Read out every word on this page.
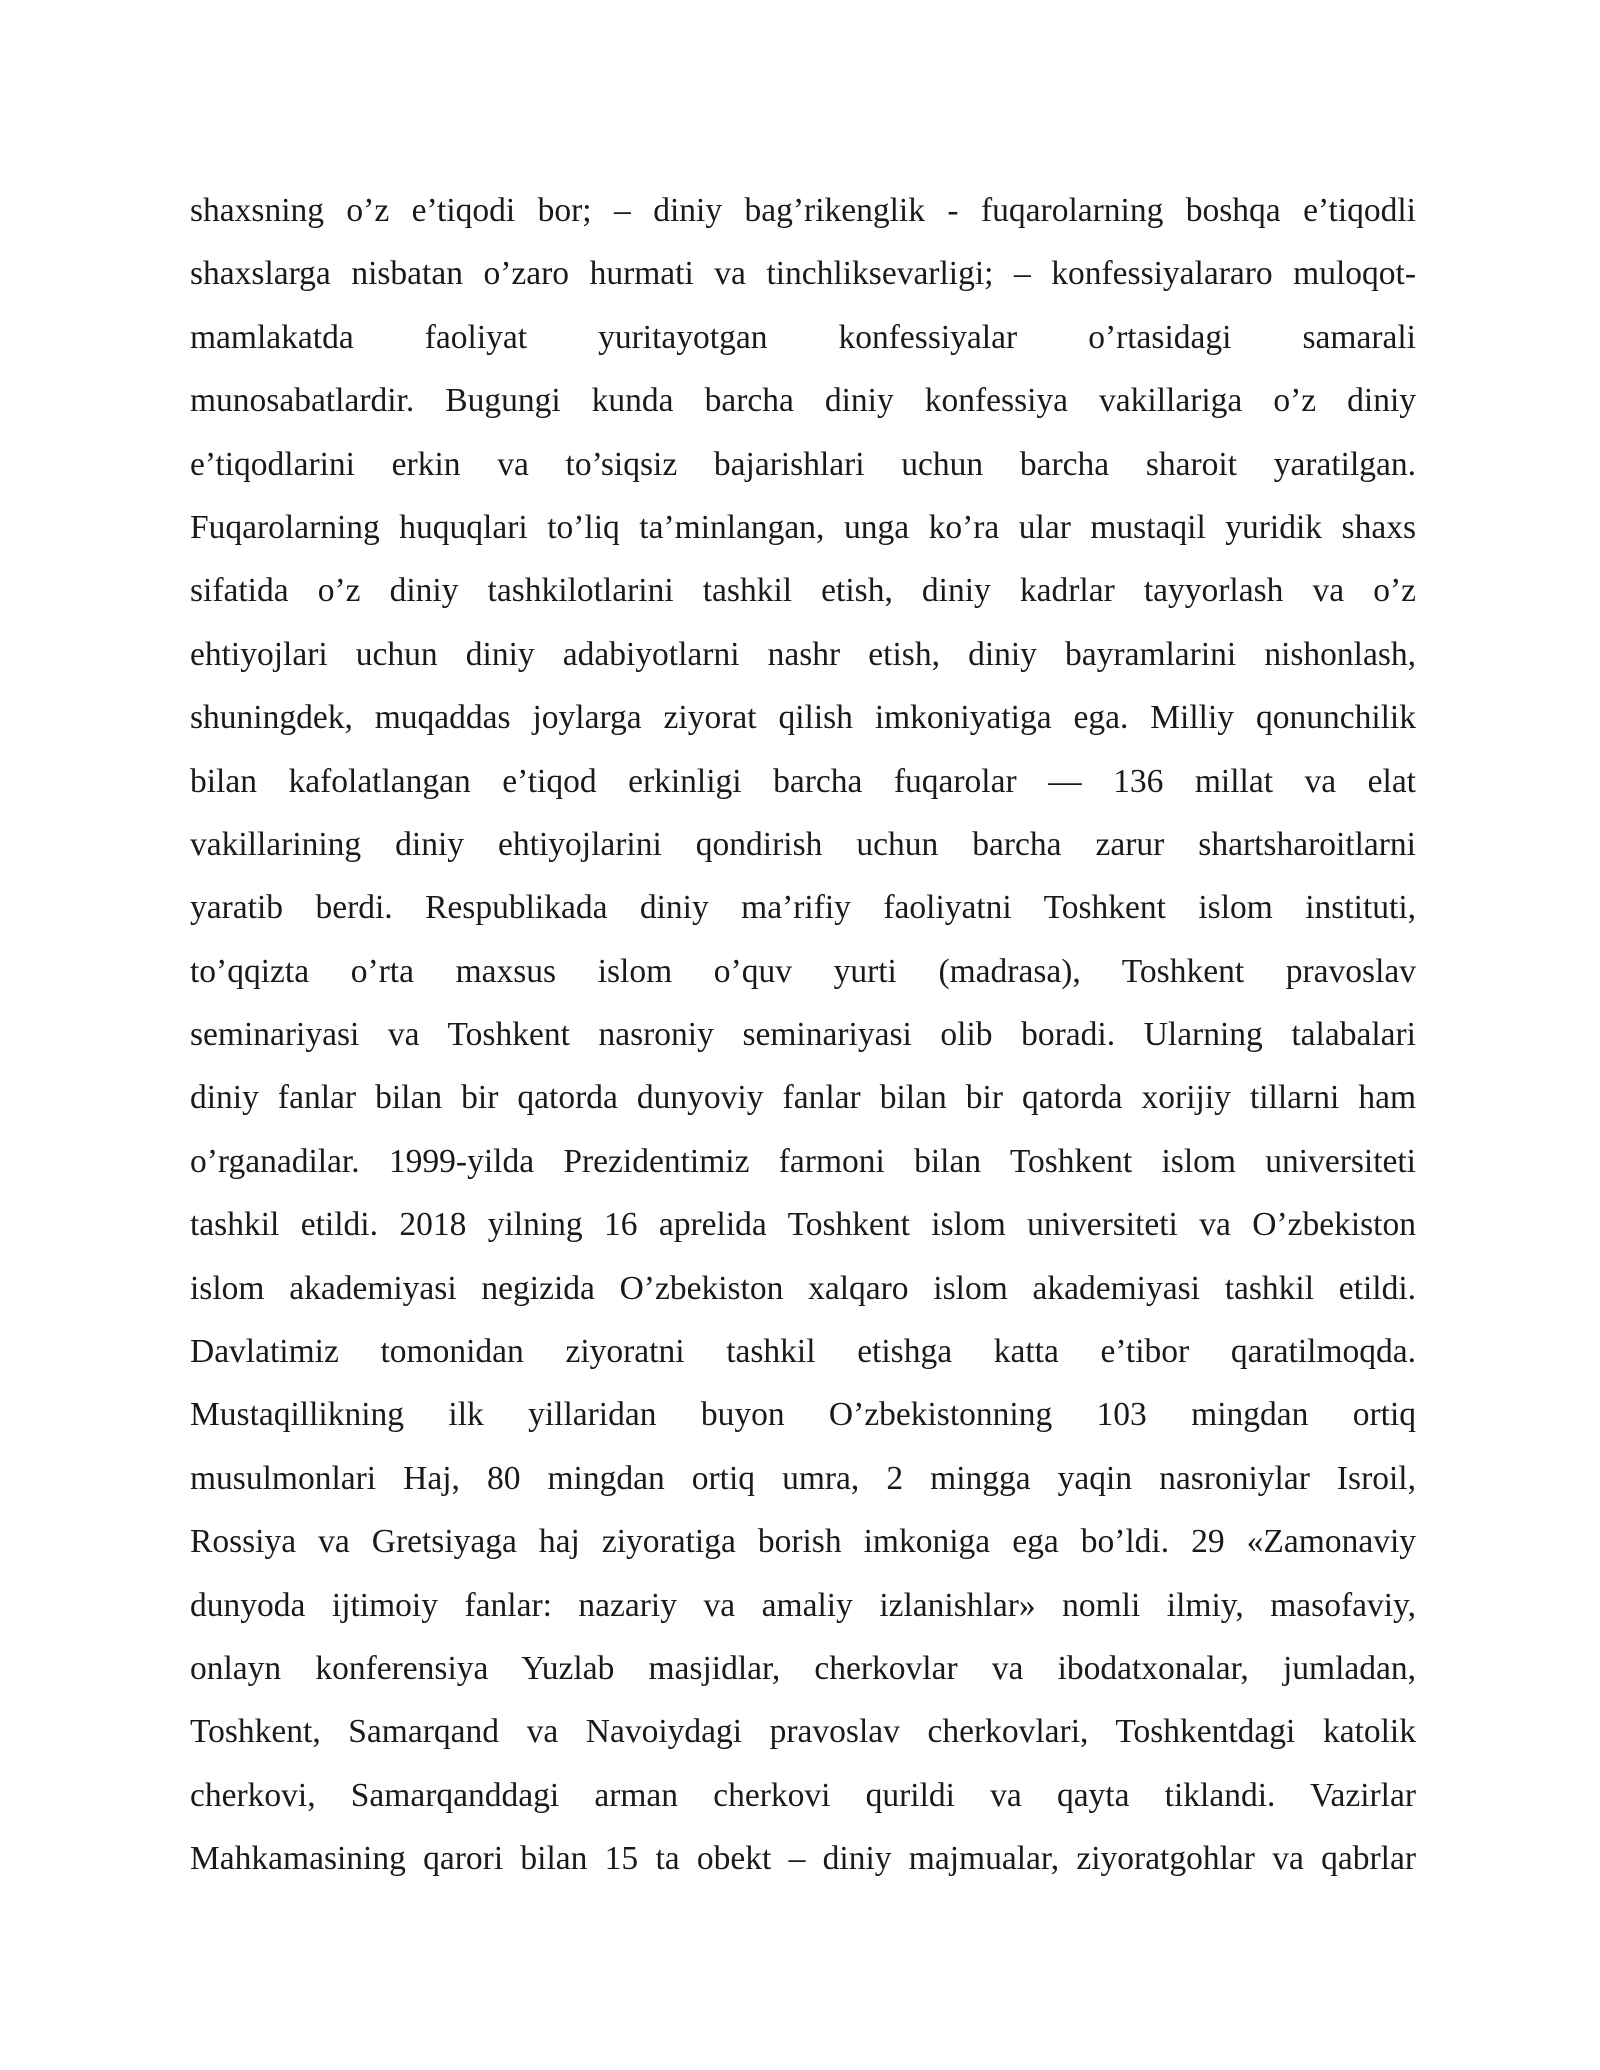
shaxsning o’z e’tiqodi bor; – diniy bag’rikenglik - fuqarolarning boshqa e’tiqodli
shaxslarga nisbatan o’zaro hurmati va tinchliksevarligi; – konfessiyalararo muloqot-
mamlakatda faoliyat yuritayotgan konfessiyalar o’rtasidagi samarali
munosabatlardir. Bugungi kunda barcha diniy konfessiya vakillariga o’z diniy
e’tiqodlarini erkin va to’siqsiz bajarishlari uchun barcha sharoit yaratilgan.
Fuqarolarning huquqlari to’liq ta’minlangan, unga ko’ra ular mustaqil yuridik shaxs
sifatida o’z diniy tashkilotlarini tashkil etish, diniy kadrlar tayyorlash va o’z
ehtiyojlari uchun diniy adabiyotlarni nashr etish, diniy bayramlarini nishonlash,
shuningdek, muqaddas joylarga ziyorat qilish imkoniyatiga ega. Milliy qonunchilik
bilan kafolatlangan e’tiqod erkinligi barcha fuqarolar — 136 millat va elat
vakillarining diniy ehtiyojlarini qondirish uchun barcha zarur shartsharoitlarni
yaratib berdi. Respublikada diniy ma’rifiy faoliyatni Toshkent islom instituti,
to’qqizta o’rta maxsus islom o’quv yurti (madrasa), Toshkent pravoslav
seminariyasi va Toshkent nasroniy seminariyasi olib boradi. Ularning talabalari
diniy fanlar bilan bir qatorda dunyoviy fanlar bilan bir qatorda xorijiy tillarni ham
o’rganadilar. 1999-yilda Prezidentimiz farmoni bilan Toshkent islom universiteti
tashkil etildi. 2018 yilning 16 aprelida Toshkent islom universiteti va O’zbekiston
islom akademiyasi negizida O’zbekiston xalqaro islom akademiyasi tashkil etildi.
Davlatimiz tomonidan ziyoratni tashkil etishga katta e’tibor qaratilmoqda.
Mustaqillikning ilk yillaridan buyon O’zbekistonning 103 mingdan ortiq
musulmonlari Haj, 80 mingdan ortiq umra, 2 mingga yaqin nasroniylar Isroil,
Rossiya va Gretsiyaga haj ziyoratiga borish imkoniga ega bo’ldi. 29 «Zamonaviy
dunyoda ijtimoiy fanlar: nazariy va amaliy izlanishlar» nomli ilmiy, masofaviy,
onlayn konferensiya Yuzlab masjidlar, cherkovlar va ibodatxonalar, jumladan,
Toshkent, Samarqand va Navoiydagi pravoslav cherkovlari, Toshkentdagi katolik
cherkovi, Samarqanddagi arman cherkovi qurildi va qayta tiklandi. Vazirlar
Mahkamasining qarori bilan 15 ta obekt – diniy majmualar, ziyoratgohlar va qabrlar
